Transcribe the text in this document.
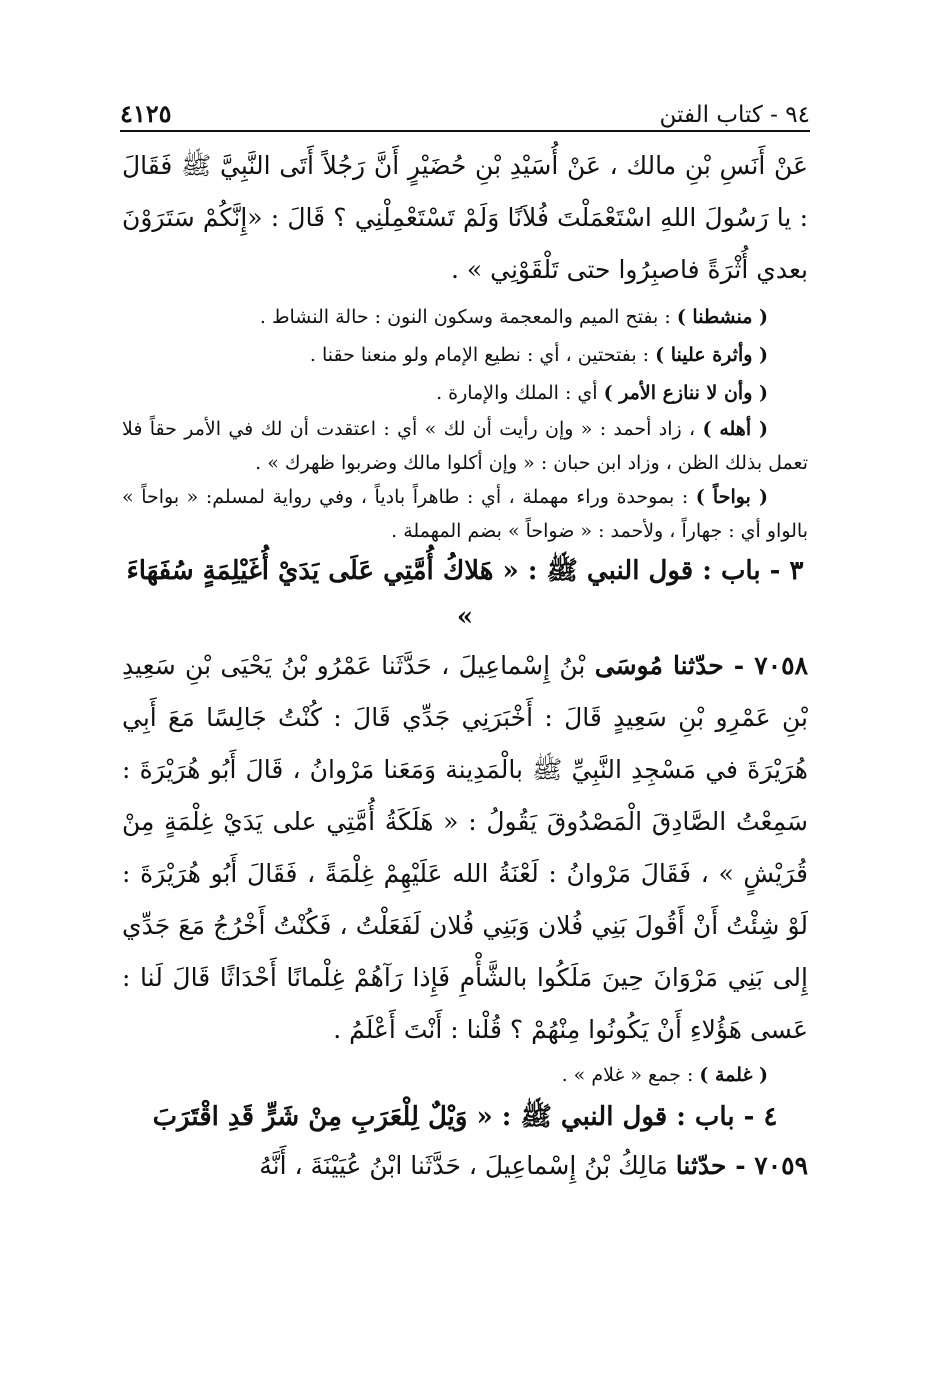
٩٤ - كتاب الفتن
٤١٢٥

عَنْ أَنَسِ بْنِ مالك ، عَنْ أُسَيْدِ بْنِ حُضَيْرٍ أَنَّ رَجُلاً أَتَى النَّبِيَّ ﷺ فَقَالَ : يا رَسُولَ اللهِ اسْتَعْمَلْتَ فُلاَنًا وَلَمْ تَسْتَعْمِلْنِي ؟ قَالَ : «إِنَّكُمْ سَتَرَوْنَ بعدي أُثْرَةً فاصبِرُوا حتى تَلْقَوْنِي » .

( منشطنا ) : بفتح الميم والمعجمة وسكون النون : حالة النشاط .

( وأثرة علينا ) : بفتحتين ، أي : نطيع الإمام ولو منعنا حقنا .

( وأن لا ننازع الأمر ) أي : الملك والإمارة .

( أهله ) ، زاد أحمد : « وإن رأيت أن لك » أي : اعتقدت أن لك في الأمر حقاً فلا تعمل بذلك الظن ، وزاد ابن حبان : « وإن أكلوا مالك وضربوا ظهرك » .

( بواحاً ) : بموحدة وراء مهملة ، أي : طاهراً بادياً ، وفي رواية لمسلم: « بواحاً » بالواو أي : جهاراً ، ولأحمد : « ضواحاً » بضم المهملة .

٣ - باب : قول النبي ﷺ : « هَلاكُ أُمَّتِي عَلَى يَدَيْ أُغَيْلِمَةٍ سُفَهَاءَ »

٧٠٥٨ - حدّثنا مُوسَى بْنُ إِسْماعِيلَ ، حَدَّثَنا عَمْرُو بْنُ يَحْيَى بْنِ سَعِيدِ بْنِ عَمْرِو بْنِ سَعِيدٍ قَالَ : أَخْبَرَنِي جَدِّي قَالَ : كُنْتُ جَالِسًا مَعَ أَبِي هُرَيْرَةَ في مَسْجِدِ النَّبِيِّ ﷺ بالْمَدِينة وَمَعَنا مَرْوانُ ، قَالَ أَبُو هُرَيْرَةَ : سَمِعْتُ الصَّادِقَ الْمَصْدُوقَ يَقُولُ : « هَلَكَةُ أُمَّتِي على يَدَيْ غِلْمَةٍ مِنْ قُرَيْشٍ » ، فَقَالَ مَرْوانُ : لَعْنَةُ الله عَلَيْهِمْ غِلْمَةً ، فَقَالَ أَبُو هُرَيْرَةَ : لَوْ شِئْتُ أَنْ أَقُولَ بَنِي فُلان وَبَنِي فُلان لَفَعَلْتُ ، فَكُنْتُ أَخْرُجُ مَعَ جَدِّي إِلى بَنِي مَرْوَانَ حِينَ مَلَكُوا بالشَّأْمِ فَإِذا رَآهُمْ غِلْمانًا أَحْدَاثًا قَالَ لَنا : عَسى هَؤُلاءِ أَنْ يَكُونُوا مِنْهُمْ ؟ قُلْنا : أَنْتَ أَعْلَمُ .

( غلمة ) : جمع « غلام » .

٤ - باب : قول النبي ﷺ : « وَيْلٌ لِلْعَرَبِ مِنْ شَرٍّ قَدِ اقْتَرَبَ

٧٠٥٩ - حدّثنا مَالِكُ بْنُ إِسْماعِيلَ ، حَدَّثَنا ابْنُ عُيَيْنَةَ ، أَنَّهُ
